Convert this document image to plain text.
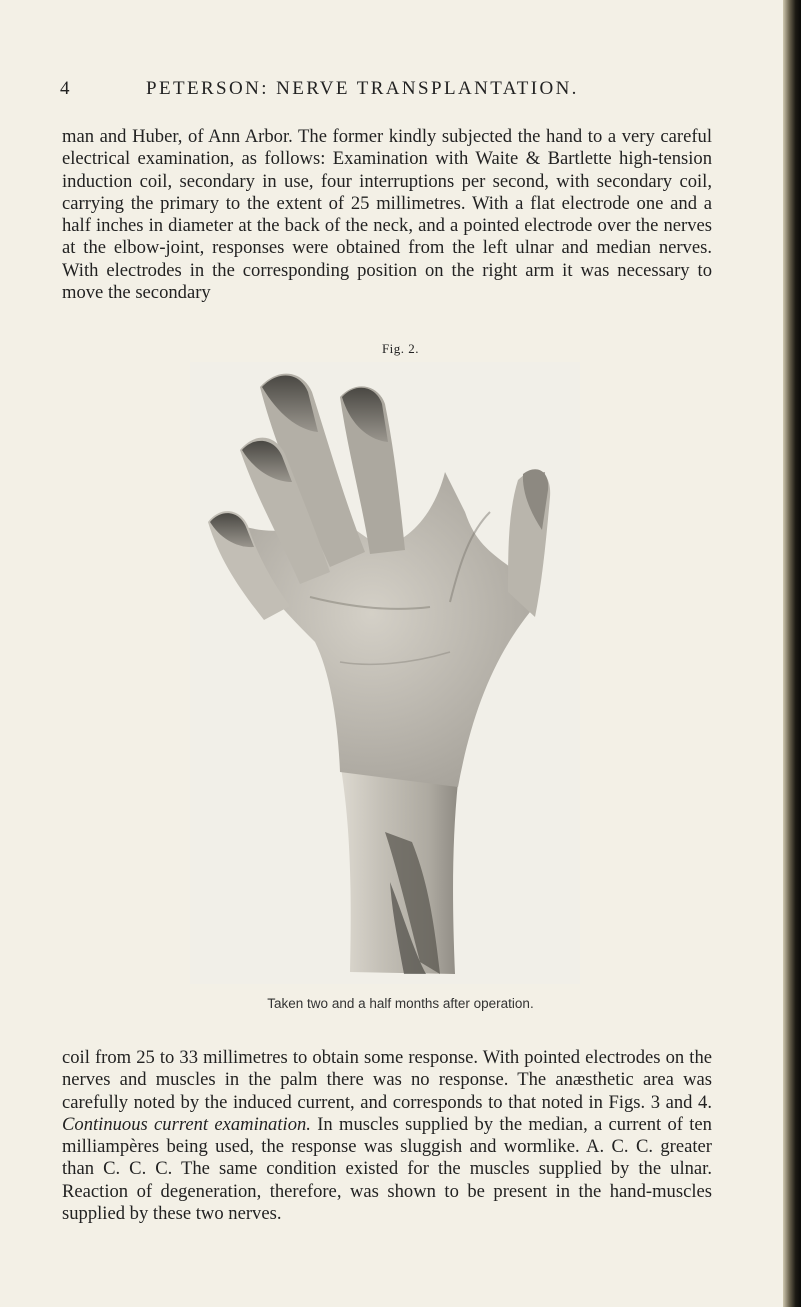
4	PETERSON: NERVE TRANSPLANTATION.

man and Huber, of Ann Arbor. The former kindly subjected the hand to a very careful electrical examination, as follows: Examination with Waite & Bartlette high-tension induction coil, secondary in use, four interruptions per second, with secondary coil, carrying the primary to the extent of 25 millimetres. With a flat electrode one and a half inches in diameter at the back of the neck, and a pointed electrode over the nerves at the elbow-joint, responses were obtained from the left ulnar and median nerves. With electrodes in the corresponding position on the right arm it was necessary to move the secondary

Fig. 2.
Taken two and a half months after operation.

coil from 25 to 33 millimetres to obtain some response. With pointed electrodes on the nerves and muscles in the palm there was no response. The anæsthetic area was carefully noted by the induced current, and corresponds to that noted in Figs. 3 and 4. Continuous current examination. In muscles supplied by the median, a current of ten milliampères being used, the response was sluggish and wormlike. A. C. C. greater than C. C. C. The same condition existed for the muscles supplied by the ulnar. Reaction of degeneration, therefore, was shown to be present in the hand-muscles supplied by these two nerves.
